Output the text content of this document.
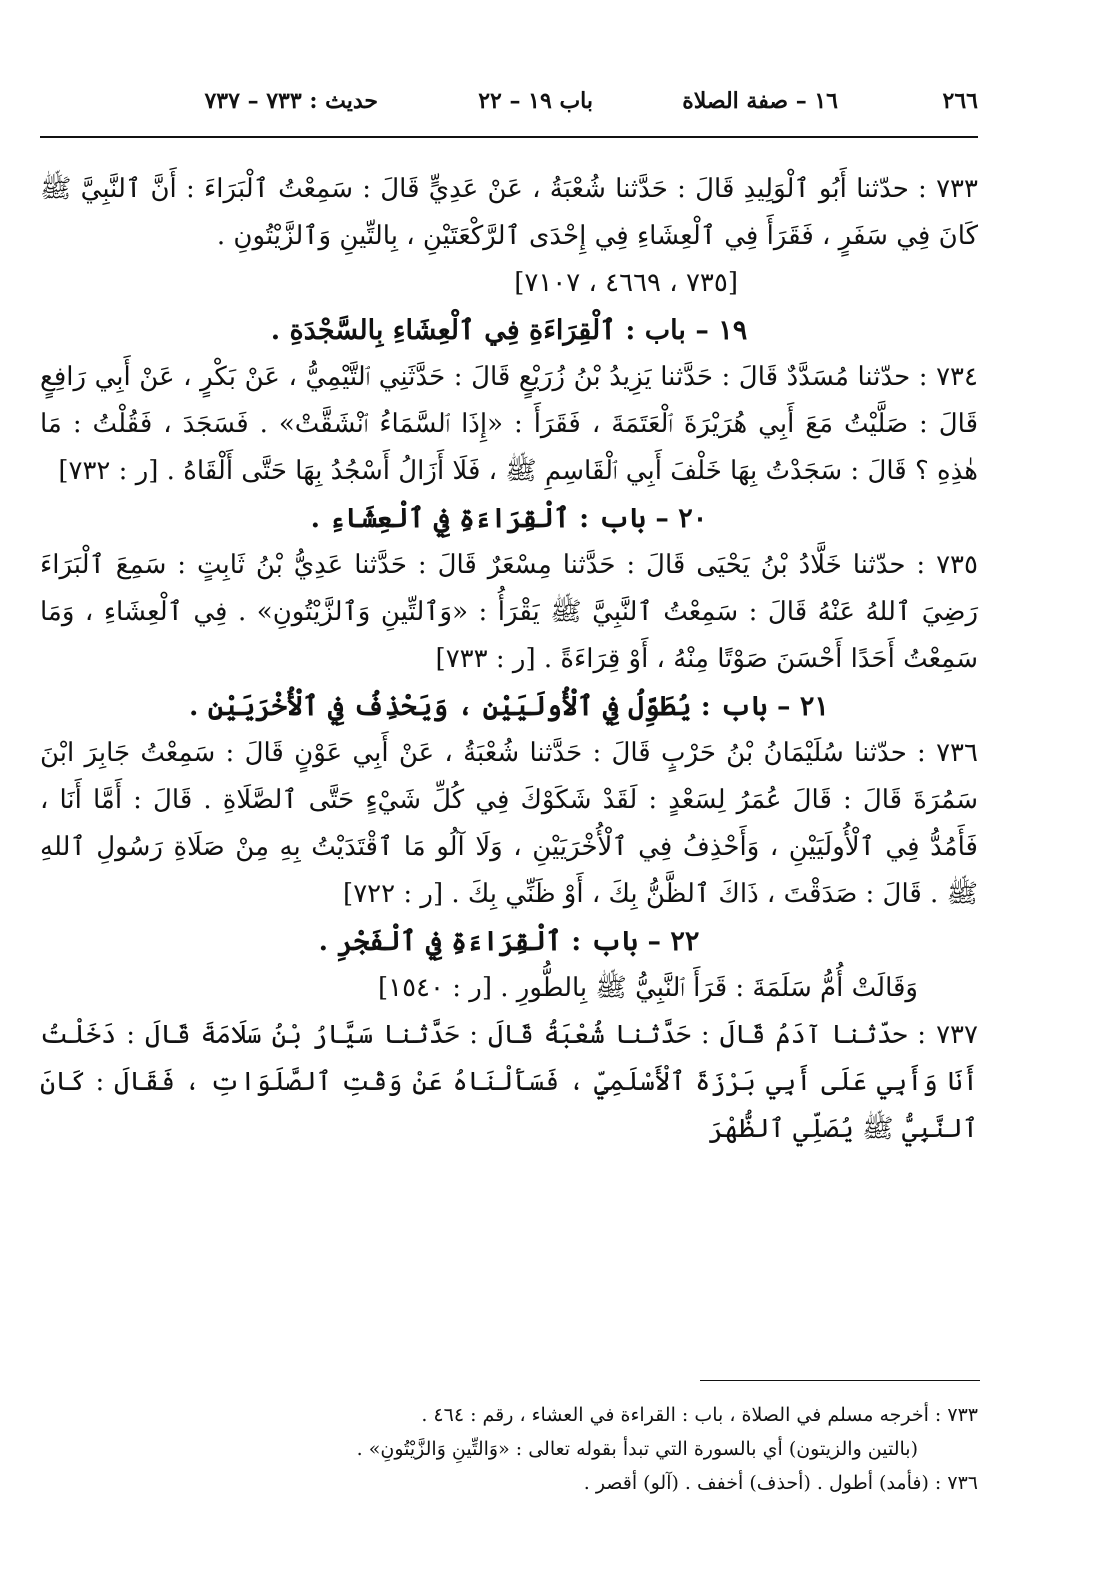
٢٦٦
١٦ – صفة الصلاة
باب ١٩ – ٢٢
حديث : ٧٣٣ – ٧٣٧

٧٣٣ : حدّثنا أَبُو ٱلْوَلِيدِ قَالَ : حَدَّثنا شُعْبَةُ ، عَنْ عَدِيٍّ قَالَ : سَمِعْتُ ٱلْبَرَاءَ : أَنَّ ٱلنَّبِيَّ ﷺ كَانَ فِي سَفَرٍ ، فَقَرَأَ فِي ٱلْعِشَاءِ فِي إِحْدَى ٱلرَّكْعَتَيْنِ ، بِالتِّينِ وَٱلزَّيْتُونِ .

[٧٣٥ ، ٤٦٦٩ ، ٧١٠٧]

١٩ – باب : ٱلْقِرَاءَةِ فِي ٱلْعِشَاءِ بِالسَّجْدَةِ .

٧٣٤ : حدّثنا مُسَدَّدٌ قَالَ : حَدَّثنا يَزِيدُ بْنُ زُرَيْعٍ قَالَ : حَدَّثَنِي ٱلتَّيْمِيُّ ، عَنْ بَكْرٍ ، عَنْ أَبِي رَافِعٍ قَالَ : صَلَّيْتُ مَعَ أَبِي هُرَيْرَةَ ٱلْعَتَمَةَ ، فَقَرَأَ : «إِذَا ٱلسَّمَاءُ ٱنْشَقَّتْ» . فَسَجَدَ ، فَقُلْتُ : مَا هٰذِهِ ؟ قَالَ : سَجَدْتُ بِهَا خَلْفَ أَبِي ٱلْقَاسِمِ ﷺ ، فَلَا أَزَالُ أَسْجُدُ بِهَا حَتَّى أَلْقَاهُ . [ر : ٧٣٢]

٢٠ – باب : ٱلْقِرَاءَةِ فِي ٱلْعِشَاءِ .

٧٣٥ : حدّثنا خَلَّادُ بْنُ يَحْيَى قَالَ : حَدَّثنا مِسْعَرٌ قَالَ : حَدَّثنا عَدِيُّ بْنُ ثَابِتٍ : سَمِعَ ٱلْبَرَاءَ رَضِيَ ٱللهُ عَنْهُ قَالَ : سَمِعْتُ ٱلنَّبِيَّ ﷺ يَقْرَأُ : «وَٱلتِّينِ وَٱلزَّيْتُونِ» . فِي ٱلْعِشَاءِ ، وَمَا سَمِعْتُ أَحَدًا أَحْسَنَ صَوْتًا مِنْهُ ، أَوْ قِرَاءَةً . [ر : ٧٣٣]

٢١ – باب : يُطَوِّلُ فِي ٱلْأُولَيَيْنِ ، وَيَحْذِفُ فِي ٱلْأُخْرَيَيْنِ .

٧٣٦ : حدّثنا سُلَيْمَانُ بْنُ حَرْبٍ قَالَ : حَدَّثنا شُعْبَةُ ، عَنْ أَبِي عَوْنٍ قَالَ : سَمِعْتُ جَابِرَ ابْنَ سَمُرَةَ قَالَ : قَالَ عُمَرُ لِسَعْدٍ : لَقَدْ شَكَوْكَ فِي كُلِّ شَيْءٍ حَتَّى ٱلصَّلَاةِ . قَالَ : أَمَّا أَنَا ، فَأَمُدُّ فِي ٱلْأُولَيَيْنِ ، وَأَحْذِفُ فِي ٱلْأُخْرَيَيْنِ ، وَلَا آلُو مَا ٱقْتَدَيْتُ بِهِ مِنْ صَلَاةِ رَسُولِ ٱللهِ ﷺ . قَالَ : صَدَقْتَ ، ذَاكَ ٱلظَّنُّ بِكَ ، أَوْ ظَنِّي بِكَ . [ر : ٧٢٢]

٢٢ – باب : ٱلْقِرَاءَةِ فِي ٱلْفَجْرِ .

وَقَالَتْ أُمُّ سَلَمَةَ : قَرَأَ ٱلنَّبِيُّ ﷺ بِالطُّورِ . [ر : ١٥٤٠]

٧٣٧ : حدّثنا آدَمُ قَالَ : حَدَّثنا شُعْبَةُ قَالَ : حَدَّثنا سَيَّارُ بْنُ سَلَامَةَ قَالَ : دَخَلْتُ أَنَا وَأَبِي عَلَى أَبِي بَرْزَةَ ٱلْأَسْلَمِيِّ ، فَسَأَلْنَاهُ عَنْ وَقْتِ ٱلصَّلَوَاتِ ، فَقَالَ : كَانَ ٱلنَّبِيُّ ﷺ يُصَلِّي ٱلظُّهْرَ

٧٣٣ : أخرجه مسلم في الصلاة ، باب : القراءة في العشاء ، رقم : ٤٦٤ .

(بالتين والزيتون) أي بالسورة التي تبدأ بقوله تعالى : «وَالتِّينِ وَالزَّيْتُونِ» .

٧٣٦ : (فأمد) أطول . (أحذف) أخفف . (آلو) أقصر .
